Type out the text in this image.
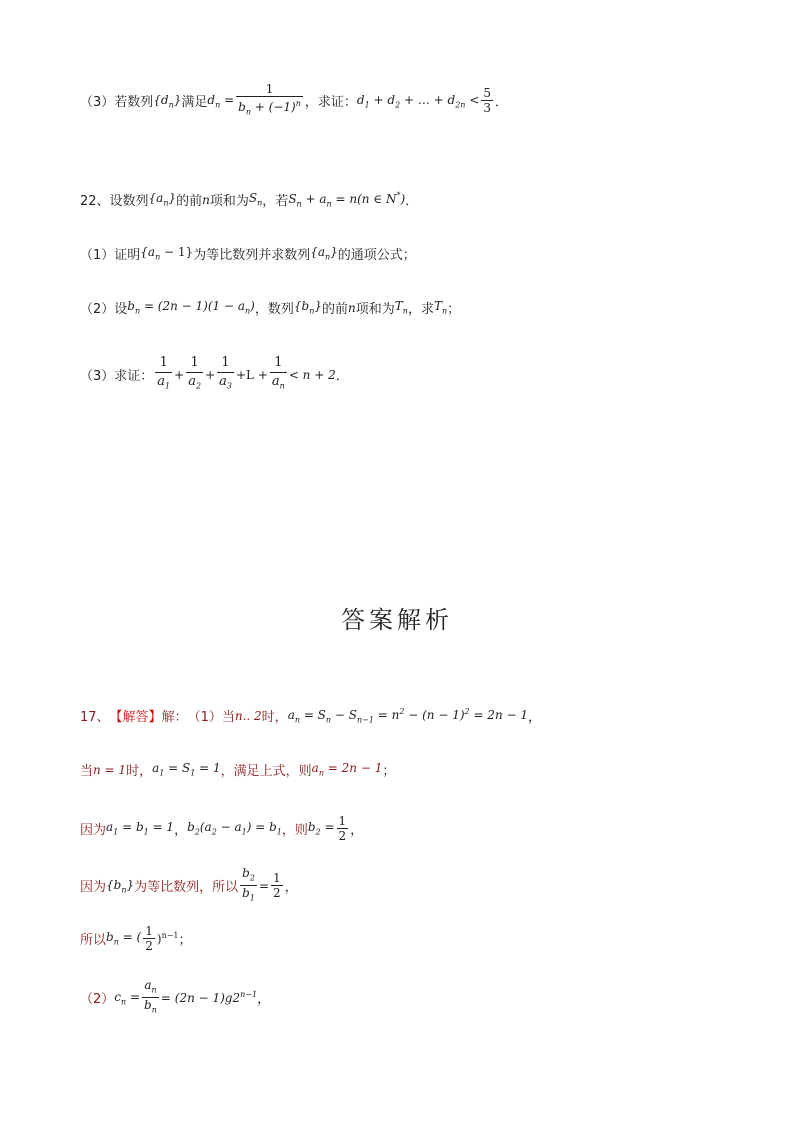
（3）若数列 $\{d_n\}$ 满足 $d_n = \frac{1}{b_n + (-1)^n}$ ，求证： $d_1 + d_2$ + … + $d_{2n} < \frac{5}{3}$ ．
22、设数列 $\{a_n\}$ 的前 n 项和为 $S_n$ ，若 $S_n + a_n = n(n$ ∈ N*) ．
（1）证明 $\{a_n - 1\}$ 为等比数列并求数列 $\{a_n\}$ 的通项公式；
（2）设 $b_n = (2n - 1)(1 - a_n)$ ，数列 $\{b_n\}$ 的前 n 项和为 $T_n$ ，求 $T_n$ ；
（3）求证： $\frac{1}{a_1} + \frac{1}{a_2} + \frac{1}{a_3} +L + \frac{1}{a_n} < n + 2$ ．
答案解析
17、 【解答】 解： （1）当 n.. 2 时， $a_n = S_n - S_{n-1} = n^2 - (n - 1)^2 = 2n - 1$ ，
当 n = 1 时， $a_1 = S_1 = 1$ ，满足上式，则 $a_n = 2n - 1$ ；
因为 $a_1 = b_1 = 1$ ， $b_2(a_2 - a_1) = b_1$ ，则 $b_2 = \frac{1}{2}$ ，
因为 $\{b_n\}$ 为等比数列，所以 $\frac{b_2}{b_1} = \frac{1}{2}$ ，
所以 $b_n$ = ( $\frac{1}{2} )^{n-1}$ ；
（2） $c_n = \frac{a_n}{b_n} = (2n - 1)g2^{n-1}$ ，
